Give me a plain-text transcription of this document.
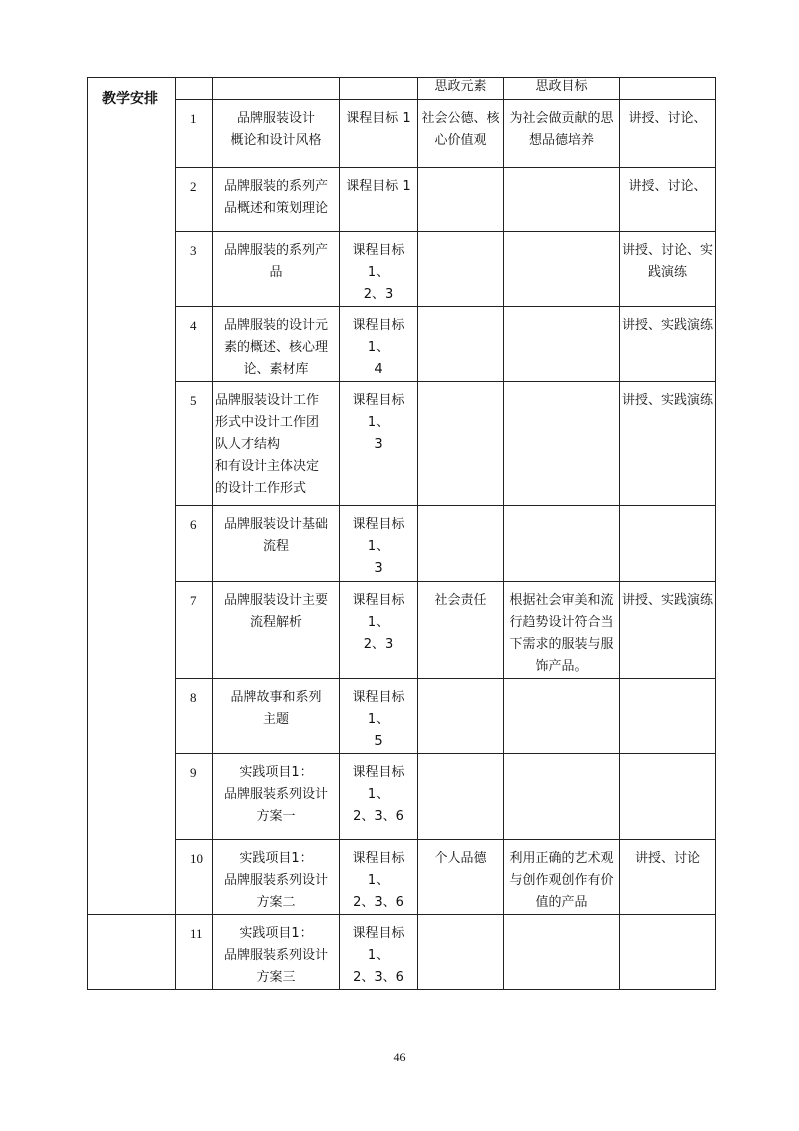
教学安排				思政元素	思政目标	

	1	品牌服装设计
概论和设计风格	课程目标 1	社会公德、核
心价值观	为社会做贡献的思
想品德培养	讲授、讨论、

	2	品牌服装的系列产
品概述和策划理论	课程目标 1			讲授、讨论、

	3	品牌服装的系列产
品	课程目标 1、
2、3			讲授、讨论、实
践演练

	4	品牌服装的设计元
素的概述、核心理
论、素材库	课程目标 1、
4			讲授、实践演练

	5	品牌服装设计工作
形式中设计工作团
队人才结构
和有设计主体决定
的设计工作形式	课程目标 1、
3			讲授、实践演练

	6	品牌服装设计基础
流程	课程目标 1、
3			

	7	品牌服装设计主要
流程解析	课程目标 1、
2、3	社会责任	根据社会审美和流
行趋势设计符合当
下需求的服装与服
饰产品。	讲授、实践演练

	8	品牌故事和系列
主题	课程目标 1、
5			

	9	实践项目1：
品牌服装系列设计
方案一	课程目标 1、
2、3、6			

	10	实践项目1：
品牌服装系列设计
方案二	课程目标 1、
2、3、6	个人品德	利用正确的艺术观
与创作观创作有价
值的产品	讲授、讨论

	11	实践项目1：
品牌服装系列设计
方案三	课程目标 1、
2、3、6			

46
